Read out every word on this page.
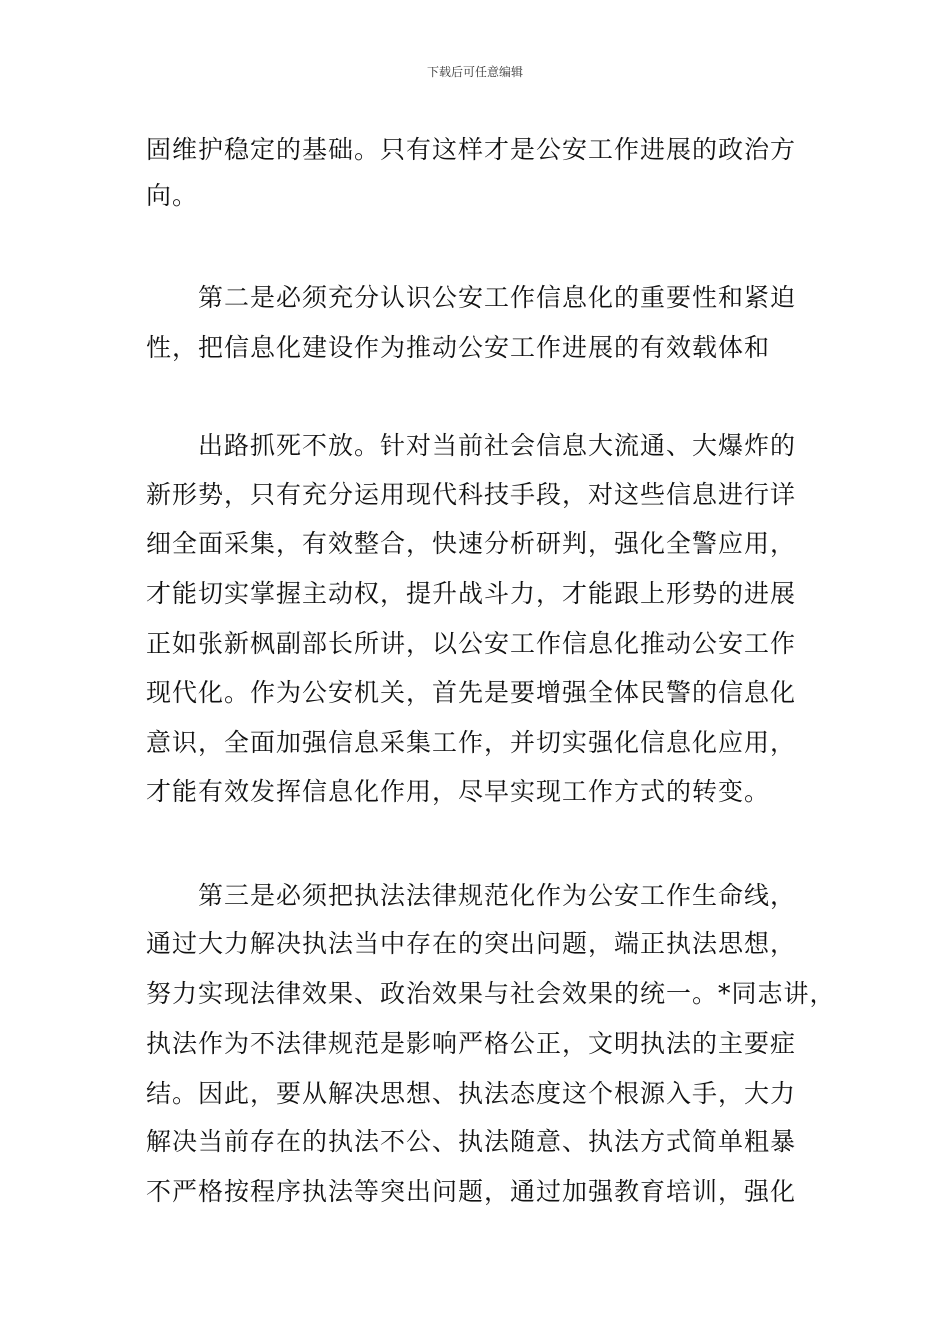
下载后可任意编辑
固维护稳定的基础。只有这样才是公安工作进展的政治方
向。
　　第二是必须充分认识公安工作信息化的重要性和紧迫
性，把信息化建设作为推动公安工作进展的有效载体和
　　出路抓死不放。针对当前社会信息大流通、大爆炸的
新形势，只有充分运用现代科技手段，对这些信息进行详
细全面采集，有效整合，快速分析研判，强化全警应用，
才能切实掌握主动权，提升战斗力，才能跟上形势的进展
正如张新枫副部长所讲，以公安工作信息化推动公安工作
现代化。作为公安机关，首先是要增强全体民警的信息化
意识，全面加强信息采集工作，并切实强化信息化应用，
才能有效发挥信息化作用，尽早实现工作方式的转变。
　　第三是必须把执法法律规范化作为公安工作生命线，
通过大力解决执法当中存在的突出问题，端正执法思想，
努力实现法律效果、政治效果与社会效果的统一。*同志讲，
执法作为不法律规范是影响严格公正，文明执法的主要症
结。因此，要从解决思想、执法态度这个根源入手，大力
解决当前存在的执法不公、执法随意、执法方式简单粗暴
不严格按程序执法等突出问题，通过加强教育培训，强化
